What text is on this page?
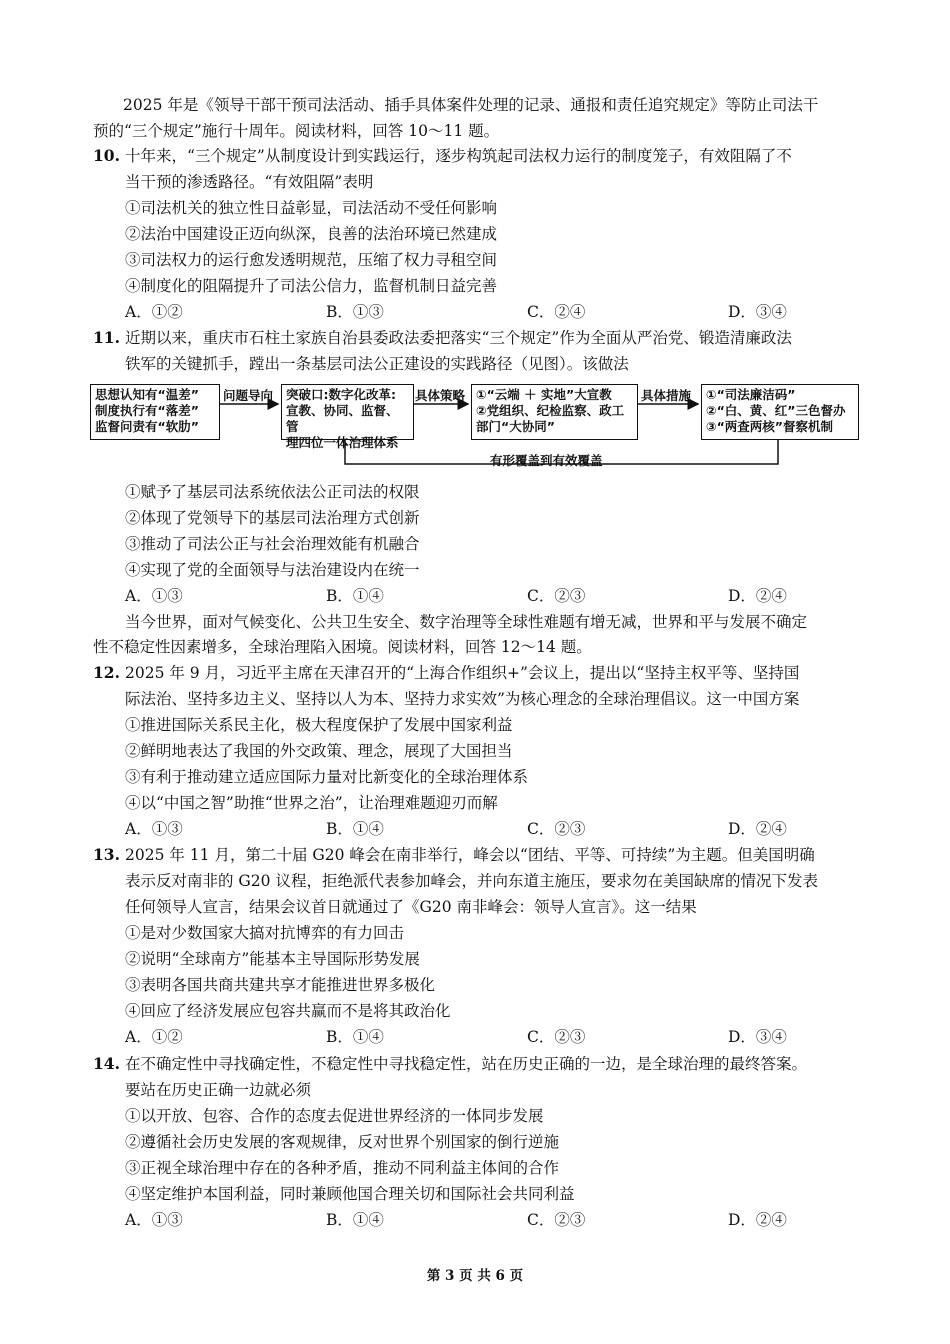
2025 年是《领导干部干预司法活动、插手具体案件处理的记录、通报和责任追究规定》等防止司法干
预的“三个规定”施行十周年。阅读材料，回答 10～11 题。
10. 十年来，“三个规定”从制度设计到实践运行，逐步构筑起司法权力运行的制度笼子，有效阻隔了不
当干预的渗透路径。“有效阻隔”表明
①司法机关的独立性日益彰显，司法活动不受任何影响
②法治中国建设正迈向纵深，良善的法治环境已然建成
③司法权力的运行愈发透明规范，压缩了权力寻租空间
④制度化的阻隔提升了司法公信力，监督机制日益完善
A．①②	B．①③	C．②④	D．③④
11. 近期以来，重庆市石柱土家族自治县委政法委把落实“三个规定”作为全面从严治党、锻造清廉政法
铁军的关键抓手，蹚出一条基层司法公正建设的实践路径（见图）。该做法
思想认知有“温差”
制度执行有“落差”
监督问责有“软肋”
问题导向 突破口:数字化改革:
宣教、协同、监督、管
理四位一体治理体系
具体策略 ①“云端 ＋ 实地”大宣教
②党组织、纪检监察、政工
部门“大协同”
具体措施 ①“司法廉洁码”
②“白、黄、红”三色督办
③“两查两核”督察机制
有形覆盖到有效覆盖
①赋予了基层司法系统依法公正司法的权限
②体现了党领导下的基层司法治理方式创新
③推动了司法公正与社会治理效能有机融合
④实现了党的全面领导与法治建设内在统一
A．①③	B．①④	C．②③	D．②④
当今世界，面对气候变化、公共卫生安全、数字治理等全球性难题有增无减，世界和平与发展不确定
性不稳定性因素增多，全球治理陷入困境。阅读材料，回答 12～14 题。
12. 2025 年 9 月，习近平主席在天津召开的“上海合作组织+”会议上，提出以“坚持主权平等、坚持国
际法治、坚持多边主义、坚持以人为本、坚持力求实效”为核心理念的全球治理倡议。这一中国方案
①推进国际关系民主化，极大程度保护了发展中国家利益
②鲜明地表达了我国的外交政策、理念，展现了大国担当
③有利于推动建立适应国际力量对比新变化的全球治理体系
④以“中国之智”助推“世界之治”，让治理难题迎刃而解
A．①③	B．①④	C．②③	D．②④
13. 2025 年 11 月，第二十届 G20 峰会在南非举行，峰会以“团结、平等、可持续”为主题。但美国明确
表示反对南非的 G20 议程，拒绝派代表参加峰会，并向东道主施压，要求勿在美国缺席的情况下发表
任何领导人宣言，结果会议首日就通过了《G20 南非峰会：领导人宣言》。这一结果
①是对少数国家大搞对抗博弈的有力回击
②说明“全球南方”能基本主导国际形势发展
③表明各国共商共建共享才能推进世界多极化
④回应了经济发展应包容共赢而不是将其政治化
A．①②	B．①④	C．②③	D．③④
14. 在不确定性中寻找确定性，不稳定性中寻找稳定性，站在历史正确的一边，是全球治理的最终答案。
要站在历史正确一边就必须
①以开放、包容、合作的态度去促进世界经济的一体同步发展
②遵循社会历史发展的客观规律，反对世界个别国家的倒行逆施
③正视全球治理中存在的各种矛盾，推动不同利益主体间的合作
④坚定维护本国利益，同时兼顾他国合理关切和国际社会共同利益
A．①③	B．①④	C．②③	D．②④
第 3 页 共 6 页
